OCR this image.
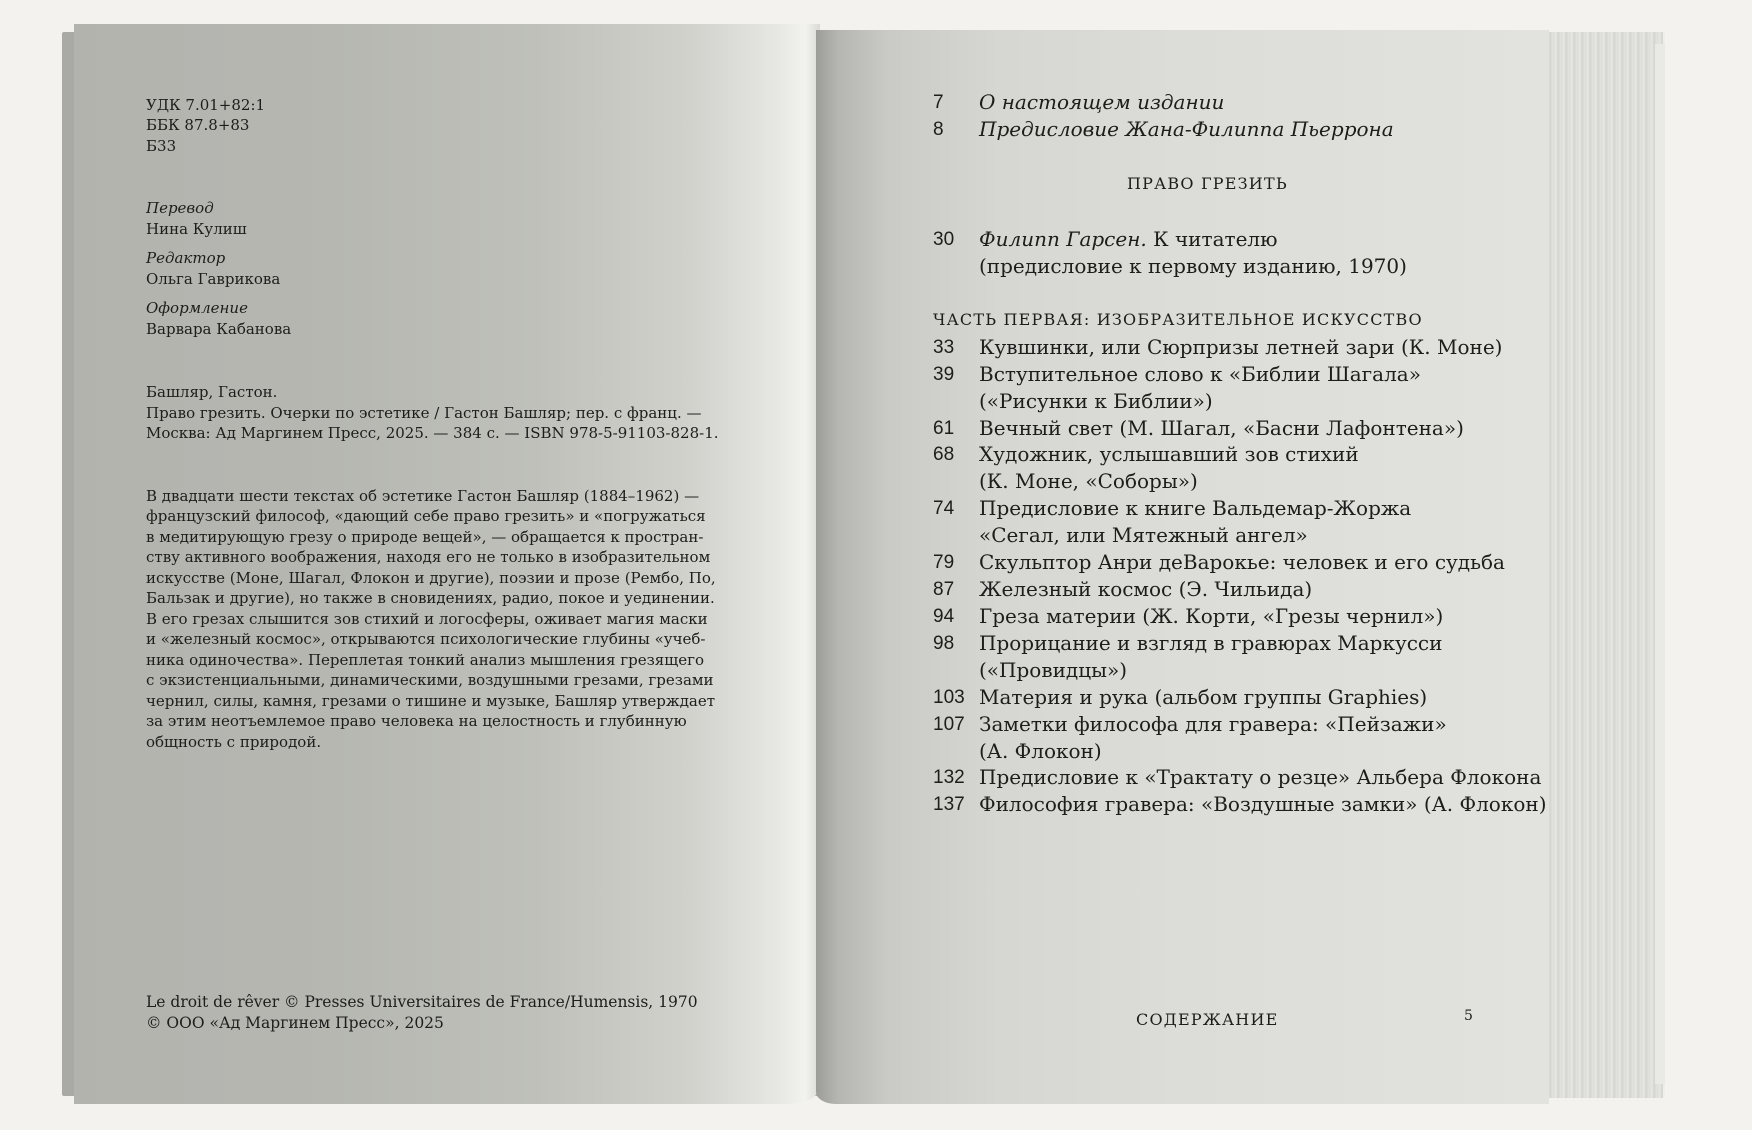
УДК 7.01+82:1
ББК 87.8+83
Б33
Перевод
Нина Кулиш
Редактор
Ольга Гаврикова
Оформление
Варвара Кабанова
Башляр, Гастон.
Право грезить. Очерки по эстетике / Гастон Башляр; пер. с франц. —
Москва: Ад Маргинем Пресс, 2025. — 384 с. — ISBN 978-5-91103-828-1.
В двадцати шести текстах об эстетике Гастон Башляр (1884–1962) —
французский философ, «дающий себе право грезить» и «погружаться
в медитирующую грезу о природе вещей», — обращается к простран-
ству активного воображения, находя его не только в изобразительном
искусстве (Моне, Шагал, Флокон и другие), поэзии и прозе (Рембо, По,
Бальзак и другие), но также в сновидениях, радио, покое и уединении.
В его грезах слышится зов стихий и логосферы, оживает магия маски
и «железный космос», открываются психологические глубины «учеб-
ника одиночества». Переплетая тонкий анализ мышления грезящего
с экзистенциальными, динамическими, воздушными грезами, грезами
чернил, силы, камня, грезами о тишине и музыке, Башляр утверждает
за этим неотъемлемое право человека на целостность и глубинную
общность с природой.
Le droit de rêver © Presses Universitaires de France/Humensis, 1970
© ООО «Ад Маргинем Пресс», 2025
7 О настоящем издании
8 Предисловие Жана-Филиппа Пьеррона
ПРАВО ГРЕЗИТЬ
30 Филипп Гарсен. К читателю
(предисловие к первому изданию, 1970)
ЧАСТЬ ПЕРВАЯ: ИЗОБРАЗИТЕЛЬНОЕ ИСКУССТВО
33 Кувшинки, или Сюрпризы летней зари (К. Моне)
39 Вступительное слово к «Библии Шагала»
(«Рисунки к Библии»)
61 Вечный свет (М. Шагал, «Басни Лафонтена»)
68 Художник, услышавший зов стихий
(К. Моне, «Соборы»)
74 Предисловие к книге Вальдемар-Жоржа
«Сегал, или Мятежный ангел»
79 Скульптор Анри деВарокье: человек и его судьба
87 Железный космос (Э. Чильида)
94 Греза материи (Ж. Корти, «Грезы чернил»)
98 Прорицание и взгляд в гравюрах Маркусси
(«Провидцы»)
103 Материя и рука (альбом группы Graphies)
107 Заметки философа для гравера: «Пейзажи»
(А. Флокон)
132 Предисловие к «Трактату о резце» Альбера Флокона
137 Философия гравера: «Воздушные замки» (А. Флокон)
СОДЕРЖАНИЕ	5
